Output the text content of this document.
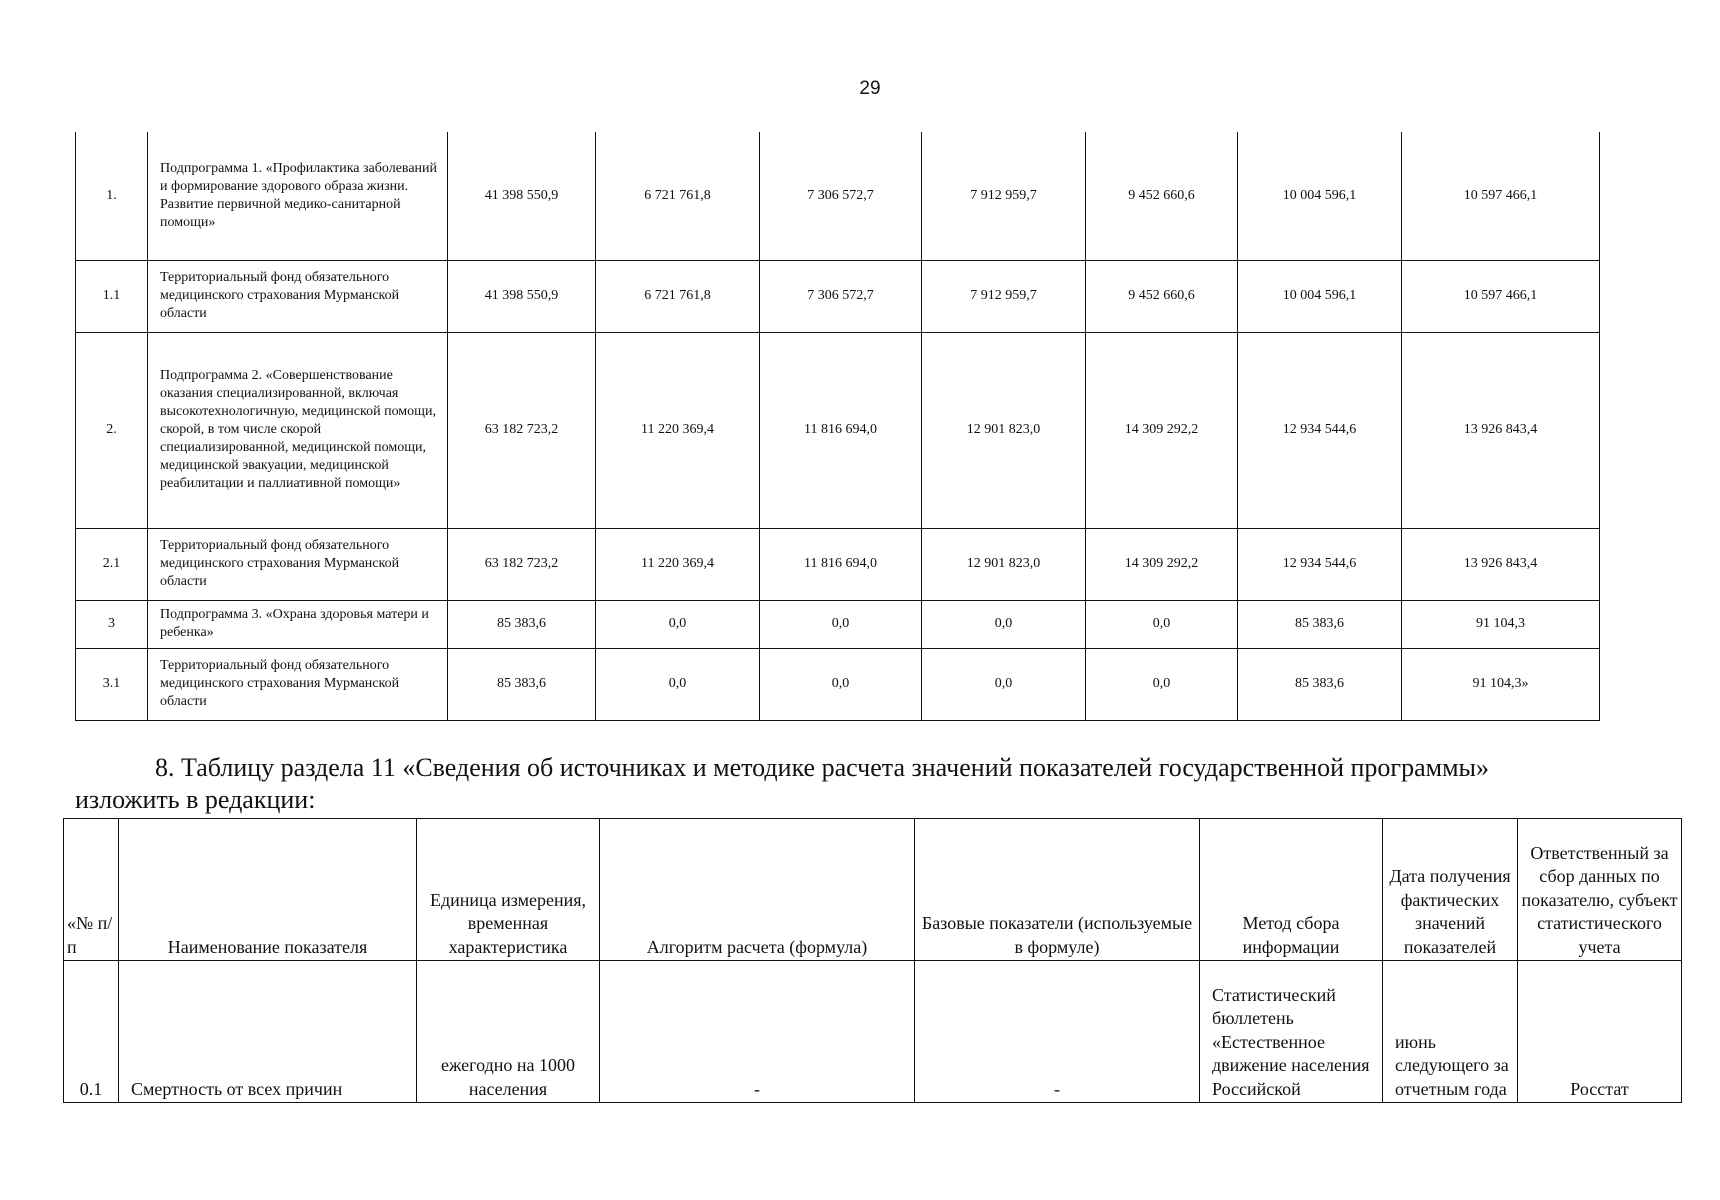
29
1.	Подпрограмма 1. «Профилактика заболеваний и формирование здорового образа жизни. Развитие первичной медико-санитарной помощи»	41 398 550,9	6 721 761,8	7 306 572,7	7 912 959,7	9 452 660,6	10 004 596,1	10 597 466,1
1.1	Территориальный фонд обязательного медицинского страхования Мурманской области	41 398 550,9	6 721 761,8	7 306 572,7	7 912 959,7	9 452 660,6	10 004 596,1	10 597 466,1
2.	Подпрограмма 2. «Совершенствование оказания специализированной, включая высокотехнологичную, медицинской помощи, скорой, в том числе скорой специализированной, медицинской помощи, медицинской эвакуации, медицинской реабилитации и паллиативной помощи»	63 182 723,2	11 220 369,4	11 816 694,0	12 901 823,0	14 309 292,2	12 934 544,6	13 926 843,4
2.1	Территориальный фонд обязательного медицинского страхования Мурманской области	63 182 723,2	11 220 369,4	11 816 694,0	12 901 823,0	14 309 292,2	12 934 544,6	13 926 843,4
3	Подпрограмма 3. «Охрана здоровья матери и ребенка»	85 383,6	0,0	0,0	0,0	0,0	85 383,6	91 104,3
3.1	Территориальный фонд обязательного медицинского страхования Мурманской области	85 383,6	0,0	0,0	0,0	0,0	85 383,6	91 104,3»
8. Таблицу раздела 11 «Сведения об источниках и методике расчета значений показателей государственной программы»
изложить в редакции:
«№ п/п	Наименование показателя	Единица измерения, временная характеристика	Алгоритм расчета (формула)	Базовые показатели (используемые в формуле)	Метод сбора информации	Дата получения фактических значений показателей	Ответственный за сбор данных по показателю, субъект статистического учета
0.1	Смертность от всех причин	ежегодно на 1000 населения	-	-	Статистический бюллетень «Естественное движение населения Российской	июнь следующего за отчетным года	Росстат
